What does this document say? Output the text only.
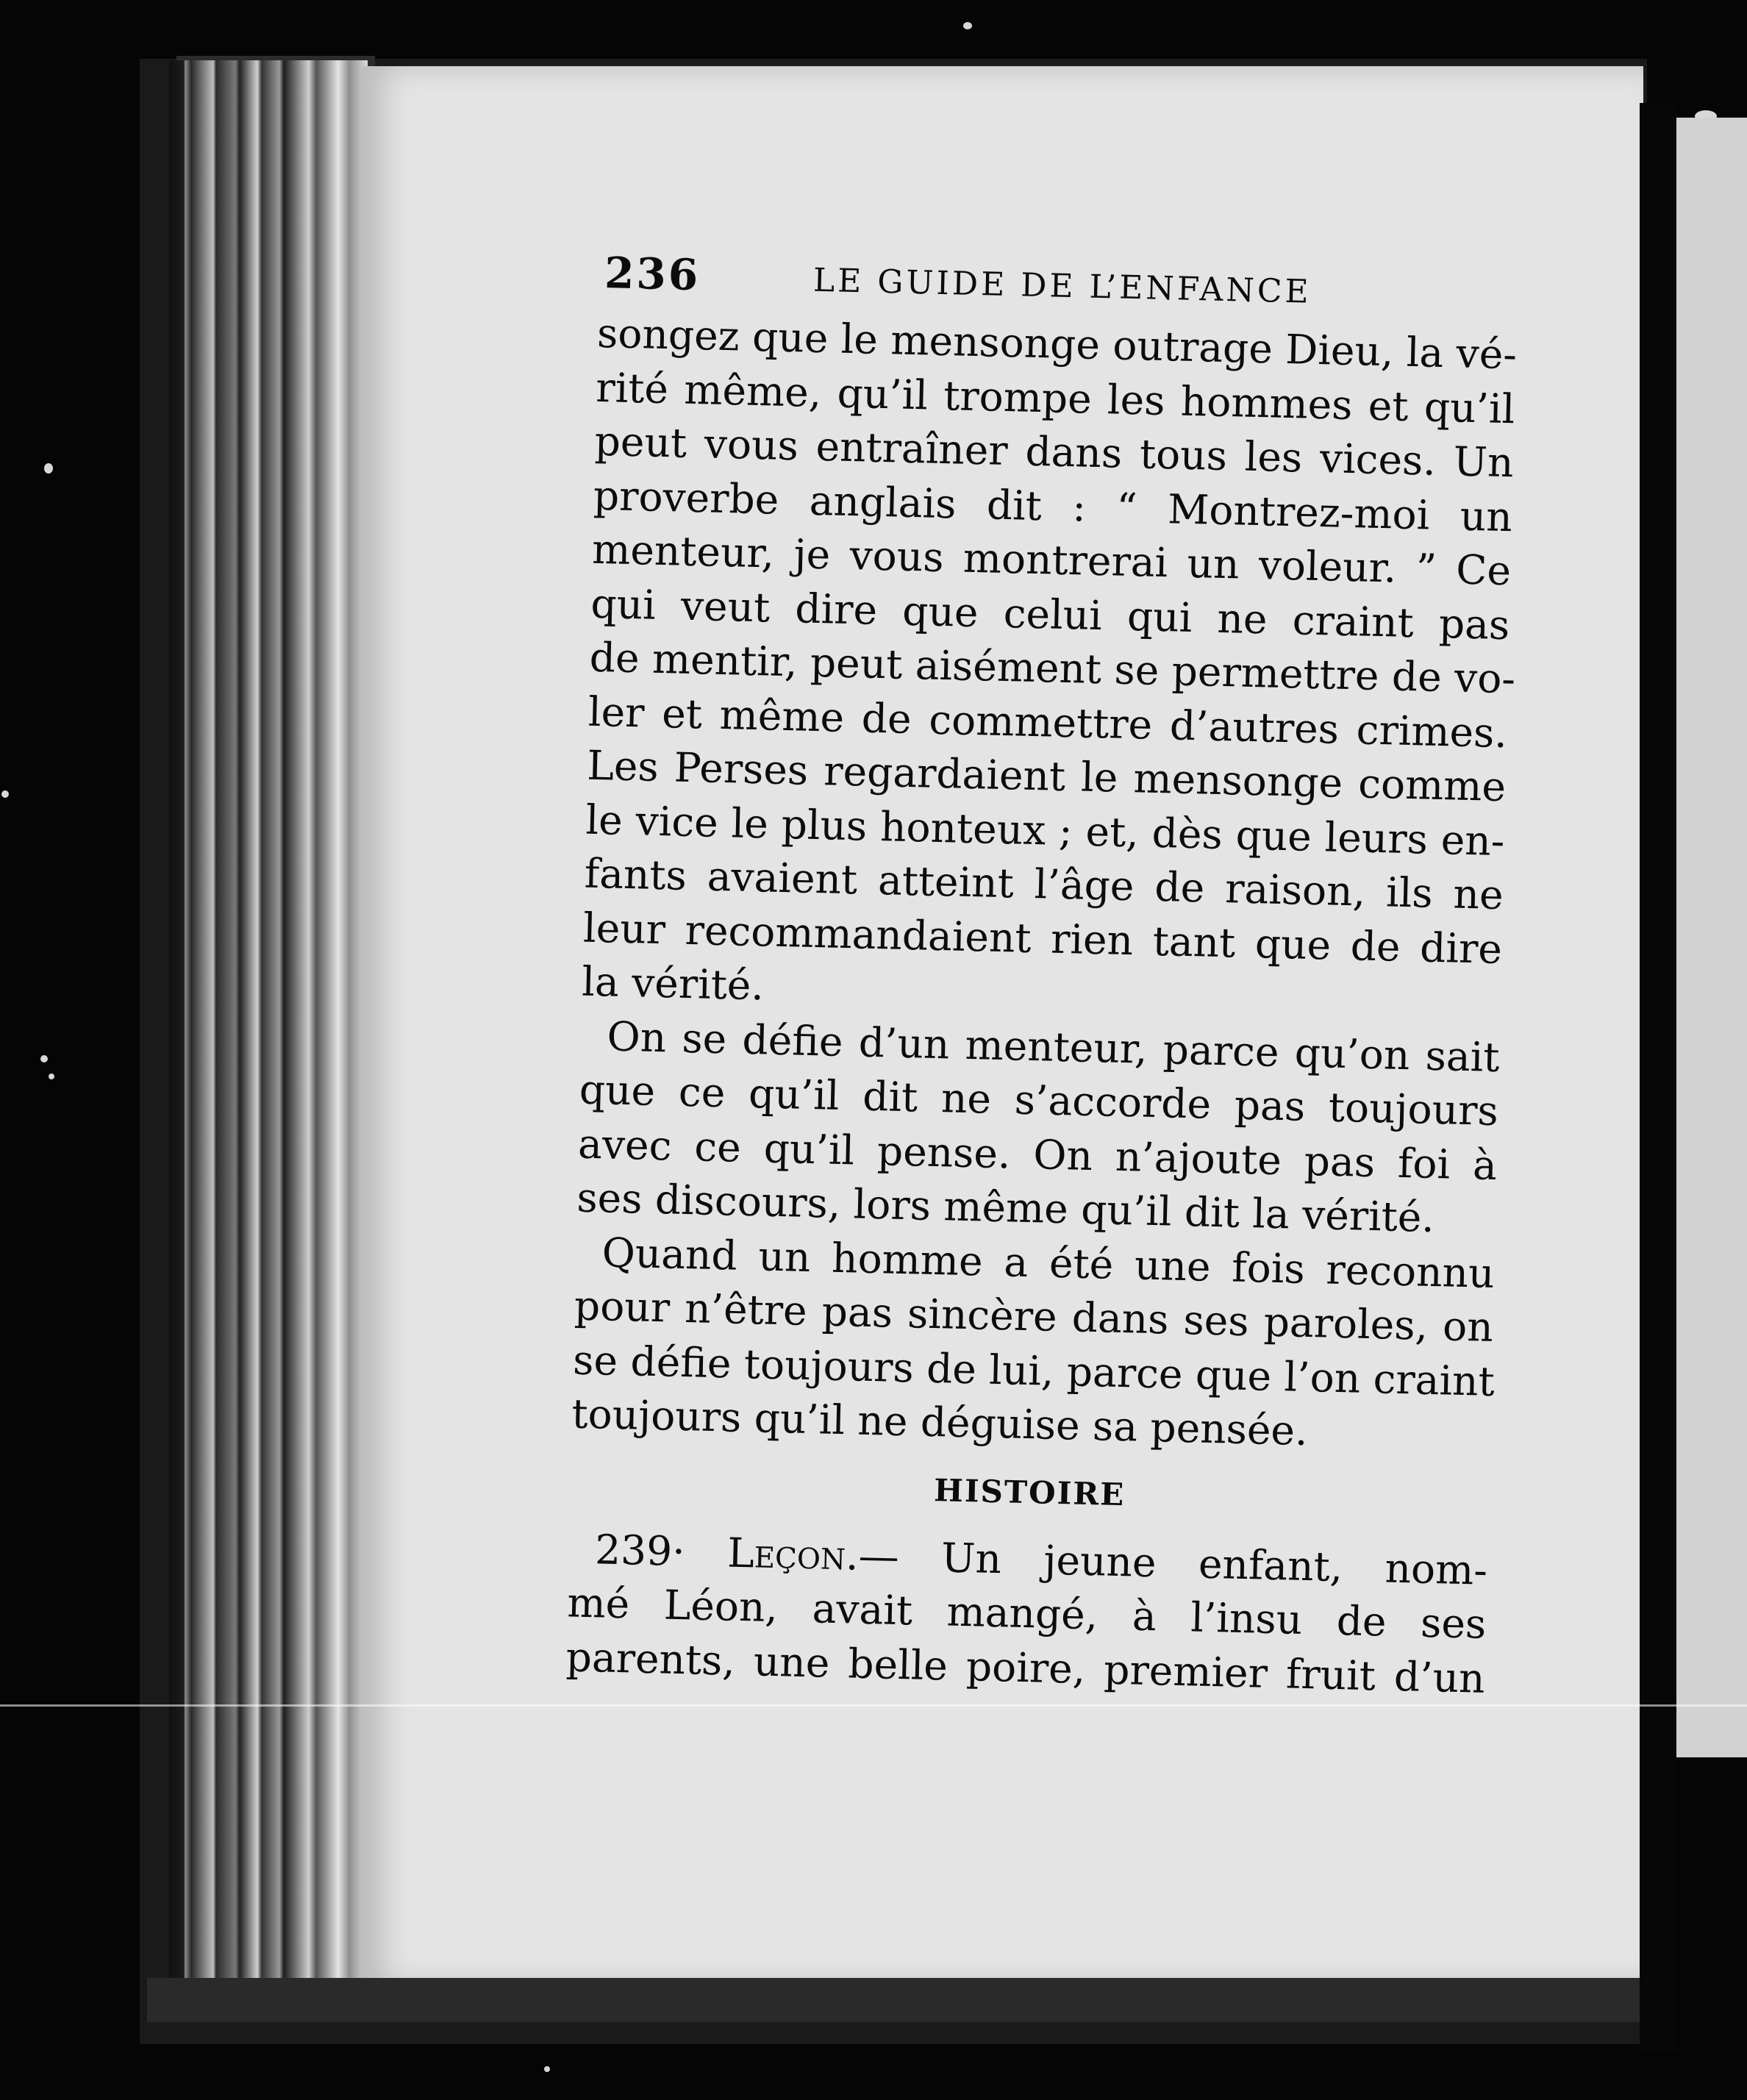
236	LE GUIDE DE L’ENFANCE
songez que le mensonge outrage Dieu, la vé-
rité même, qu’il trompe les hommes et qu’il
peut vous entraîner dans tous les vices. Un
proverbe anglais dit : “ Montrez-moi un
menteur, je vous montrerai un voleur. ” Ce
qui veut dire que celui qui ne craint pas
de mentir, peut aisément se permettre de vo-
ler et même de commettre d’autres crimes.
Les Perses regardaient le mensonge comme
le vice le plus honteux ; et, dès que leurs en-
fants avaient atteint l’âge de raison, ils ne
leur recommandaient rien tant que de dire
la vérité.
On se défie d’un menteur, parce qu’on sait
que ce qu’il dit ne s’accorde pas toujours
avec ce qu’il pense. On n’ajoute pas foi à
ses discours, lors même qu’il dit la vérité.
Quand un homme a été une fois reconnu
pour n’être pas sincère dans ses paroles, on
se défie toujours de lui, parce que l’on craint
toujours qu’il ne déguise sa pensée.
HISTOIRE
239· Leçon.— Un jeune enfant, nom-
mé Léon, avait mangé, à l’insu de ses
parents, une belle poire, premier fruit d’un
